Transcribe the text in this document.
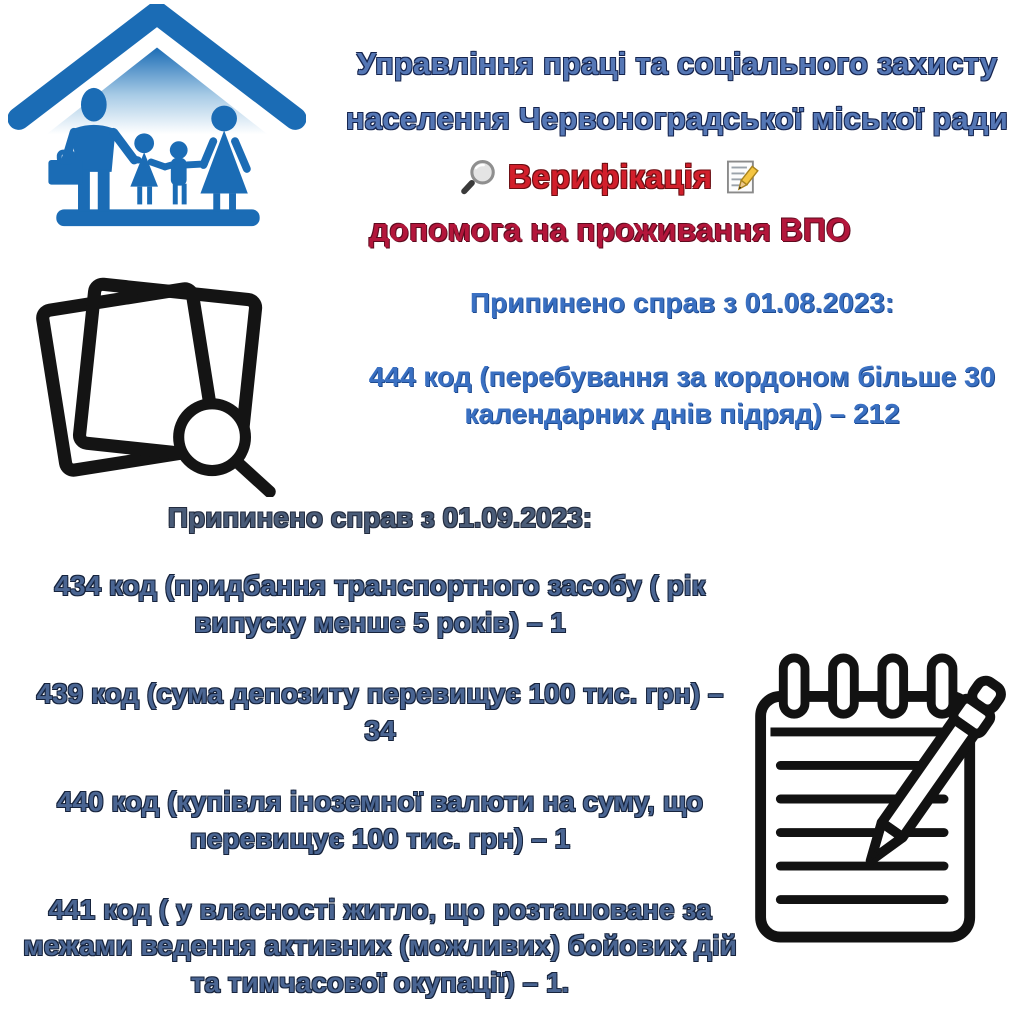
Управління праці та соціального захисту
населення Червоноградської міської ради
Верифікація
допомога на проживання ВПО
Припинено справ з 01.08.2023:
444 код (перебування за кордоном більше 30 календарних днів підряд) – 212
Припинено справ з 01.09.2023:
434 код (придбання транспортного засобу ( рік випуску менше 5 років) – 1
439 код (сума депозиту перевищує 100 тис. грн) – 34
440 код (купівля іноземної валюти на суму, що перевищує 100 тис. грн) – 1
441 код ( у власності житло, що розташоване за межами ведення активних (можливих) бойових дій та тимчасової окупації) – 1.
